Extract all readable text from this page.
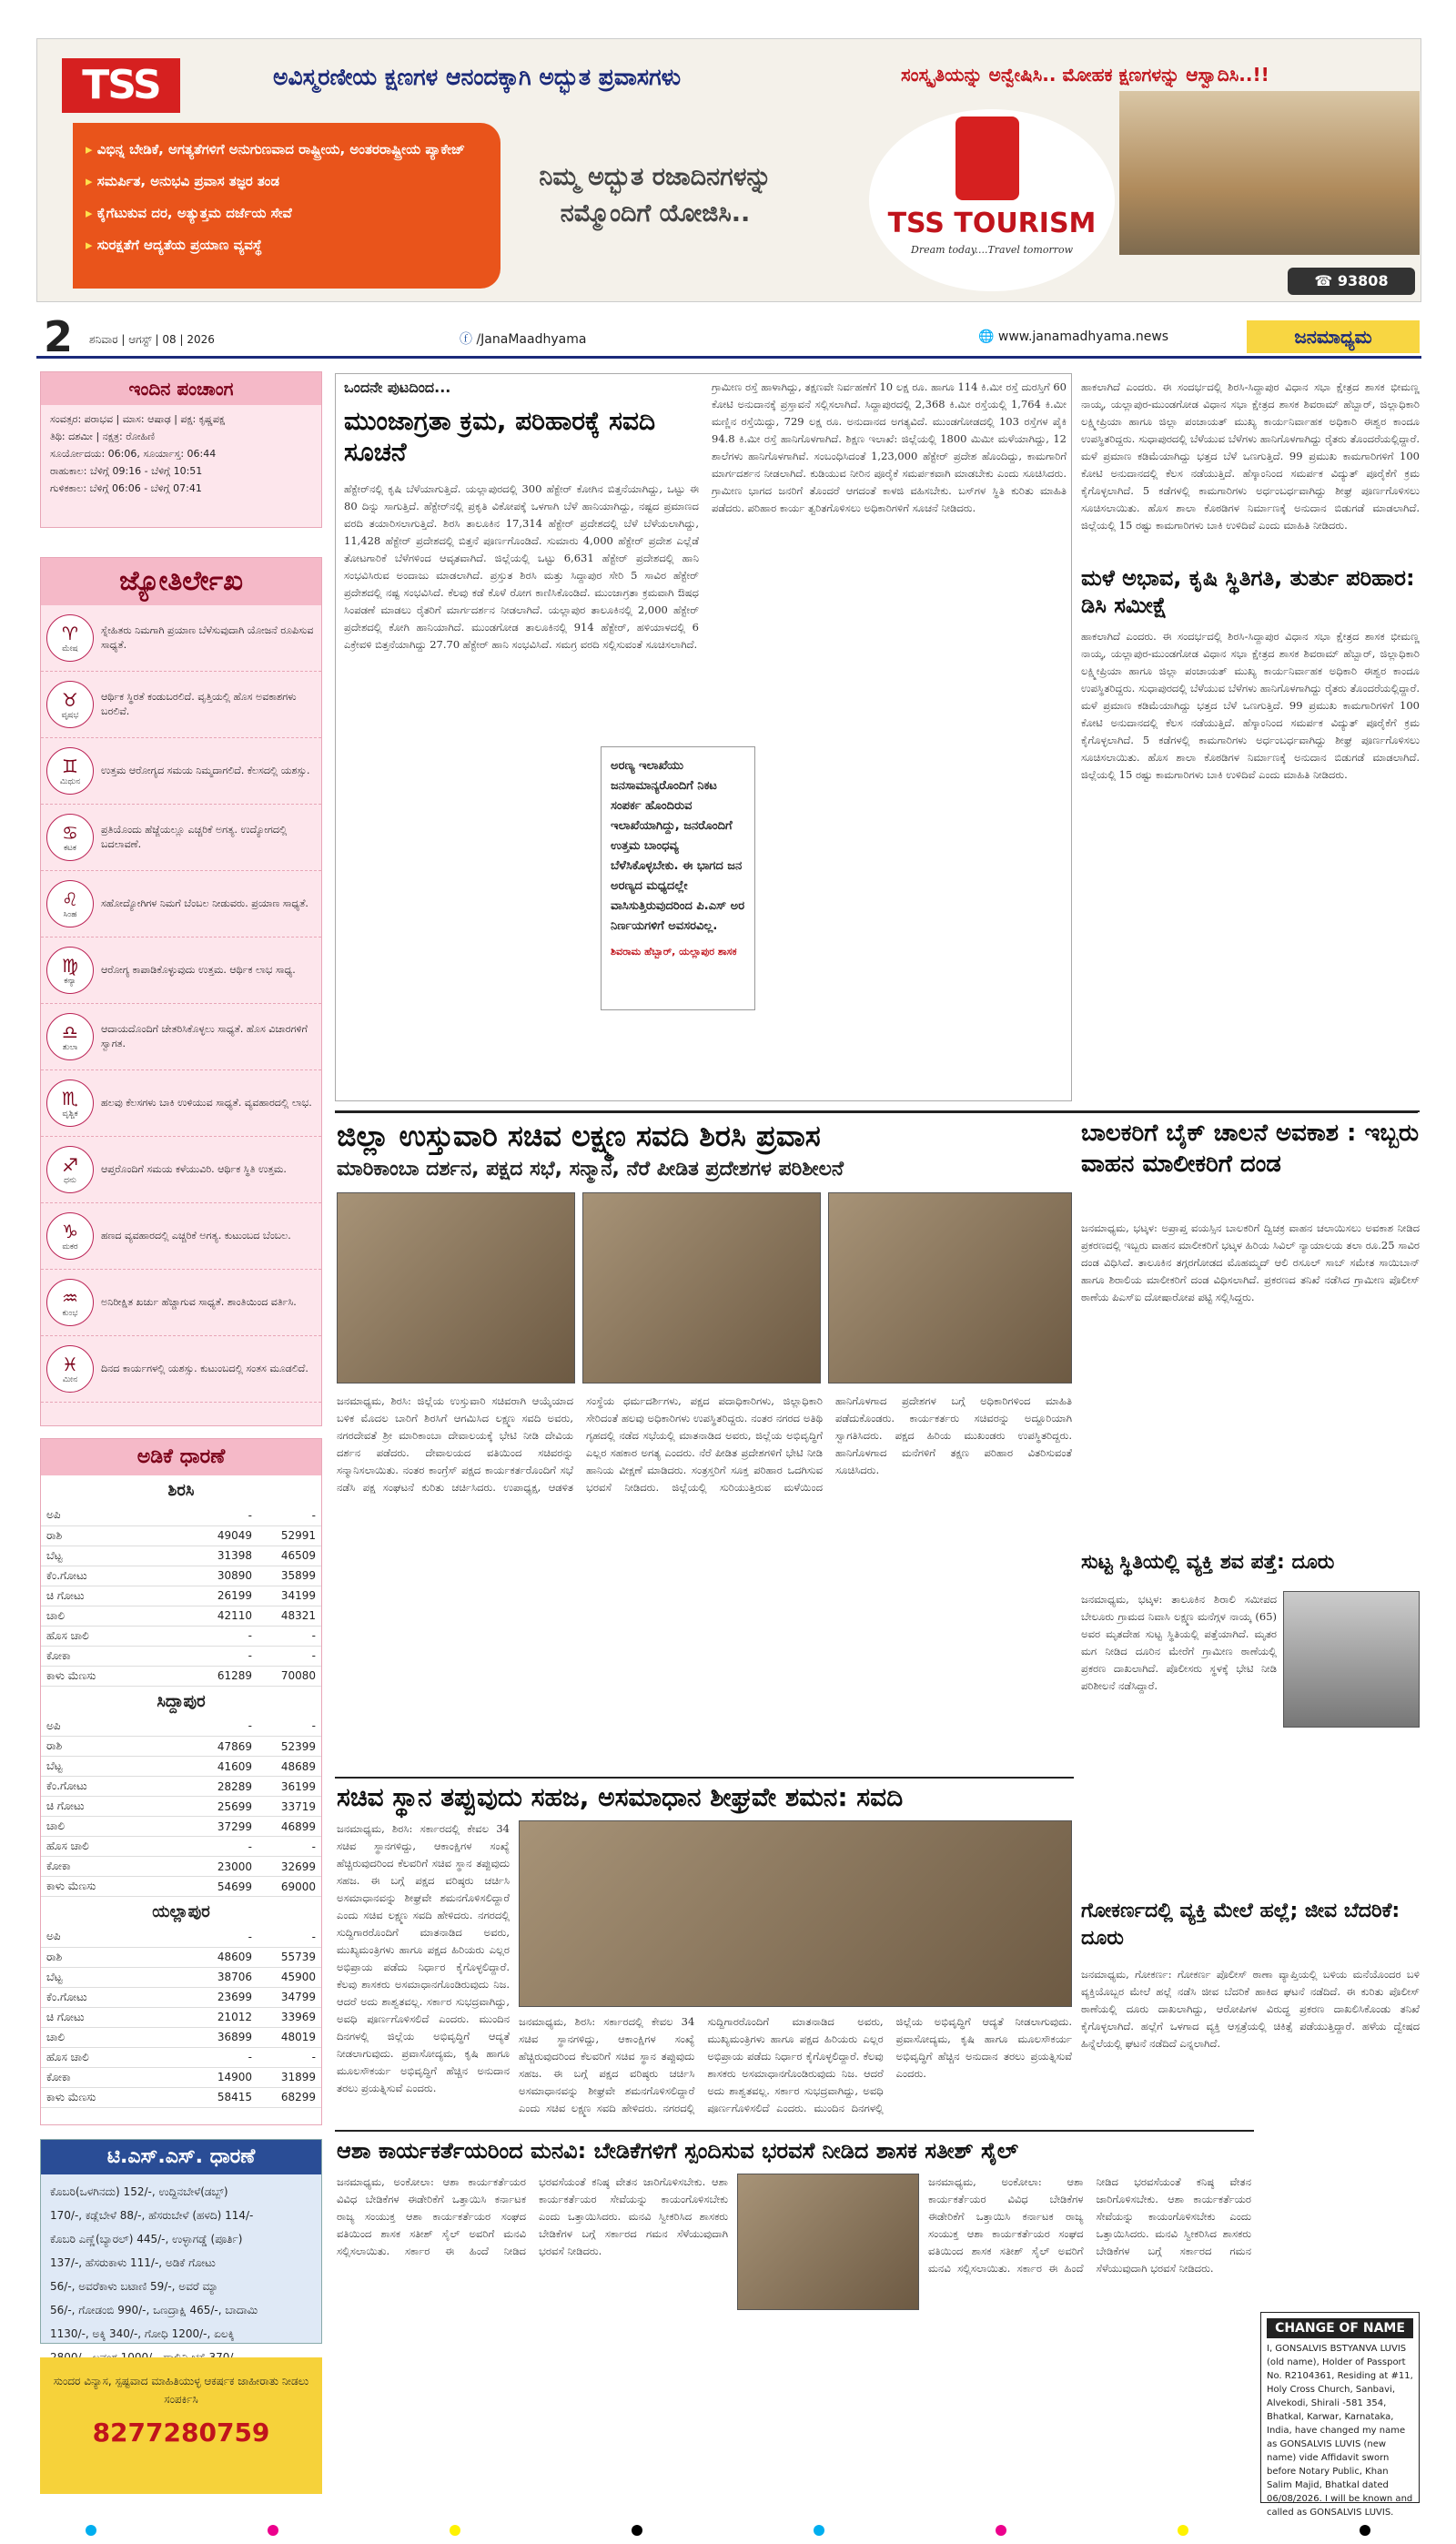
TSS	ಅವಿಸ್ಮರಣೀಯ ಕ್ಷಣಗಳ ಆನಂದಕ್ಕಾಗಿ ಅದ್ಭುತ ಪ್ರವಾಸಗಳು	ಸಂಸ್ಕೃತಿಯನ್ನು ಅನ್ವೇಷಿಸಿ.. ಮೋಹಕ ಕ್ಷಣಗಳನ್ನು ಆಸ್ವಾದಿಸಿ..!!
▸ ವಿಭಿನ್ನ ಬೇಡಿಕೆ, ಅಗತ್ಯತೆಗಳಿಗೆ ಅನುಗುಣವಾದ ರಾಷ್ಟ್ರೀಯ, ಅಂತರರಾಷ್ಟ್ರೀಯ ಪ್ಯಾಕೇಜ್
▸ ಸಮರ್ಪಿತ, ಅನುಭವಿ ಪ್ರವಾಸ ತಜ್ಞರ ತಂಡ
▸ ಕೈಗೆಟುಕುವ ದರ, ಅತ್ಯುತ್ತಮ ದರ್ಜೆಯ ಸೇವೆ
▸ ಸುರಕ್ಷತೆಗೆ ಆದ್ಯತೆಯ ಪ್ರಯಾಣ ವ್ಯವಸ್ಥೆ
ನಿಮ್ಮ ಅದ್ಭುತ ರಜಾದಿನಗಳನ್ನು
ನಮ್ಮೊಂದಿಗೆ ಯೋಜಿಸಿ..	TSS TOURISM
Dream today....Travel tomorrow
☎ 93808 32969
2 ಶನಿವಾರ | ಆಗಸ್ಟ್ | 08 | 2026	ⓕ /JanaMaadhyama	🌐 www.janamadhyama.news	ಜನಮಾಧ್ಯಮ
ಇಂದಿನ ಪಂಚಾಂಗ
ಸಂವತ್ಸರ: ಪರಾಭವ | ಮಾಸ: ಆಷಾಢ | ಪಕ್ಷ: ಕೃಷ್ಣಪಕ್ಷ
ತಿಥಿ: ದಶಮೀ | ನಕ್ಷತ್ರ: ರೋಹಿಣಿ
ಸೂರ್ಯೋದಯ: 06:06, ಸೂರ್ಯಾಸ್ತ: 06:44
ರಾಹುಕಾಲ: ಬೆಳಿಗ್ಗೆ 09:16 - ಬೆಳಿಗ್ಗೆ 10:51
ಗುಳಿಕಕಾಲ: ಬೆಳಿಗ್ಗೆ 06:06 - ಬೆಳಿಗ್ಗೆ 07:41
ಜ್ಯೋತಿರ್ಲೇಖ
♈
ಮೇಷ
ಸ್ನೇಹಿತರು ನಿಮಗಾಗಿ ಪ್ರಯಾಣ ಬೆಳೆಸುವುದಾಗಿ ಯೋಜನೆ ರೂಪಿಸುವ ಸಾಧ್ಯತೆ.
♉
ವೃಷಭ
ಆರ್ಥಿಕ ಸ್ಥಿರತೆ ಕಂಡುಬರಲಿದೆ. ವೃತ್ತಿಯಲ್ಲಿ ಹೊಸ ಅವಕಾಶಗಳು ಬರಲಿವೆ.
♊
ಮಿಥುನ
ಉತ್ತಮ ಆರೋಗ್ಯದ ಸಮಯ ನಿಮ್ಮದಾಗಲಿದೆ. ಕೆಲಸದಲ್ಲಿ ಯಶಸ್ಸು.
♋
ಕಟಕ
ಪ್ರತಿಯೊಂದು ಹೆಜ್ಜೆಯಲ್ಲೂ ಎಚ್ಚರಿಕೆ ಅಗತ್ಯ. ಉದ್ಯೋಗದಲ್ಲಿ ಬದಲಾವಣೆ.
♌
ಸಿಂಹ
ಸಹೋದ್ಯೋಗಿಗಳ ನಿಮಗೆ ಬೆಂಬಲ ನೀಡುವರು. ಪ್ರಯಾಣ ಸಾಧ್ಯತೆ.
♍
ಕನ್ಯಾ
ಆರೋಗ್ಯ ಕಾಪಾಡಿಕೊಳ್ಳುವುದು ಉತ್ತಮ. ಆರ್ಥಿಕ ಲಾಭ ಸಾಧ್ಯ.
♎
ತುಲಾ
ಆದಾಯದೊಂದಿಗೆ ಚೇತರಿಸಿಕೊಳ್ಳಲು ಸಾಧ್ಯತೆ. ಹೊಸ ವಿಚಾರಗಳಿಗೆ ಸ್ವಾಗತ.
♏
ವೃಶ್ಚಿಕ
ಹಲವು ಕೆಲಸಗಳು ಬಾಕಿ ಉಳಿಯುವ ಸಾಧ್ಯತೆ. ವ್ಯವಹಾರದಲ್ಲಿ ಲಾಭ.
♐
ಧನು
ಆಪ್ತರೊಂದಿಗೆ ಸಮಯ ಕಳೆಯುವಿರಿ. ಆರ್ಥಿಕ ಸ್ಥಿತಿ ಉತ್ತಮ.
♑
ಮಕರ
ಹಣದ ವ್ಯವಹಾರದಲ್ಲಿ ಎಚ್ಚರಿಕೆ ಅಗತ್ಯ. ಕುಟುಂಬದ ಬೆಂಬಲ.
♒
ಕುಂಭ
ಅನಿರೀಕ್ಷಿತ ಖರ್ಚು ಹೆಚ್ಚಾಗುವ ಸಾಧ್ಯತೆ. ಶಾಂತಿಯಿಂದ ವರ್ತಿಸಿ.
♓
ಮೀನ
ದಿನದ ಕಾರ್ಯಗಳಲ್ಲಿ ಯಶಸ್ಸು. ಕುಟುಂಬದಲ್ಲಿ ಸಂತಸ ಮೂಡಲಿದೆ.
ಅಡಿಕೆ ಧಾರಣೆ
ಶಿರಸಿ
ಅಪಿ	-	-
ರಾಶಿ	49049	52991
ಬೆಟ್ಟ	31398	46509
ಕೆಂ.ಗೋಟು	30890	35899
ಚಿ ಗೋಟು	26199	34199
ಚಾಲಿ	42110	48321
ಹೊಸ ಚಾಲಿ	-	-
ಕೋಕಾ	-	-
ಕಾಳು ಮೆಣಸು	61289	70080
ಸಿದ್ದಾಪುರ
ಅಪಿ	-	-
ರಾಶಿ	47869	52399
ಬೆಟ್ಟ	41609	48689
ಕೆಂ.ಗೋಟು	28289	36199
ಚಿ ಗೋಟು	25699	33719
ಚಾಲಿ	37299	46899
ಹೊಸ ಚಾಲಿ	-	-
ಕೋಕಾ	23000	32699
ಕಾಳು ಮೆಣಸು	54699	69000
ಯಲ್ಲಾಪುರ
ಅಪಿ	-	-
ರಾಶಿ	48609	55739
ಬೆಟ್ಟ	38706	45900
ಕೆಂ.ಗೋಟು	23699	34799
ಚಿ ಗೋಟು	21012	33969
ಚಾಲಿ	36899	48019
ಹೊಸ ಚಾಲಿ	-	-
ಕೋಕಾ	14900	31899
ಕಾಳು ಮೆಣಸು	58415	68299
ಟಿ.ಎಸ್.ಎಸ್. ಧಾರಣೆ
ಕೊಬರಿ(ಒಳಗಿನದು) 152/-, ಉದ್ದಿನಬೇಳೆ(ಡಬ್ಬ್)
170/-, ಕಡ್ಲೆಬೇಳೆ 88/-, ಹೆಸರುಬೇಳೆ (ಹಳದಿ) 114/-
ಕೊಬರಿ ಎಣ್ಣೆ(ಬ್ಯಾರಲ್) 445/-, ಉಳ್ಳಾಗಡ್ಡೆ (ಪೂರ್ತಿ)
137/-, ಹೆಸರುಕಾಳು 111/-, ಅಡಿಕೆ ಗೋಟು
56/-, ಅವರೆಕಾಳು ಬಟಾಣಿ 59/-, ಅವರೆ ಮ್ಯಾ
56/-, ಗೋಡಂಬಿ 990/-, ಒಣದ್ರಾಕ್ಷಿ 465/-, ಬಾದಾಮಿ
1130/-, ಅಕ್ಕಿ 340/-, ಗೋಧಿ 1200/-, ಏಲಕ್ಕಿ
ಸುಂದರ ವಿನ್ಯಾಸ, ಸ್ಪಷ್ಟವಾದ ಮಾಹಿತಿಯುಳ್ಳ ಆಕರ್ಷಕ ಜಾಹೀರಾತು ನೀಡಲು ಸಂಪರ್ಕಿಸಿ
8277280759
ಒಂದನೇ ಪುಟದಿಂದ...
ಮುಂಜಾಗ್ರತಾ ಕ್ರಮ, ಪರಿಹಾರಕ್ಕೆ ಸವದಿ ಸೂಚನೆ
ಹೆಕ್ಟೇರ್‌ನಲ್ಲಿ ಕೃಷಿ ಬೆಳೆಯಾಗುತ್ತಿದೆ. ಯಲ್ಲಾಪುರದಲ್ಲಿ 300 ಹೆಕ್ಟೇರ್ ಕೋಗಿನ ಬಿತ್ತನೆಯಾಗಿದ್ದು, ಒಟ್ಟು ಈ 80 ದಿನ್ನು ಸಾಗುತ್ತಿದೆ. ಹೆಕ್ಟೇರ್‌ನಲ್ಲಿ ಪ್ರಕೃತಿ ವಿಕೋಪಕ್ಕೆ ಒಳಗಾಗಿ ಬೆಳೆ ಹಾನಿಯಾಗಿದ್ದು, ನಷ್ಟದ ಪ್ರಮಾಣದ ವರದಿ ತಯಾರಿಸಲಾಗುತ್ತಿದೆ. ಶಿರಸಿ ತಾಲೂಕಿನ 17,314 ಹೆಕ್ಟೇರ್ ಪ್ರದೇಶದಲ್ಲಿ ಬೆಳೆ ಬೆಳೆಯಲಾಗಿದ್ದು, 11,428 ಹೆಕ್ಟೇರ್ ಪ್ರದೇಶದಲ್ಲಿ ಬಿತ್ತನೆ ಪೂರ್ಣಗೊಂಡಿದೆ. ಸುಮಾರು 4,000 ಹೆಕ್ಟೇರ್ ಪ್ರದೇಶ ಎಲ್ಲೆಡೆ ತೋಟಗಾರಿಕೆ ಬೆಳೆಗಳಿಂದ ಆವೃತವಾಗಿದೆ. ಜಿಲ್ಲೆಯಲ್ಲಿ ಒಟ್ಟು 6,631 ಹೆಕ್ಟೇರ್ ಪ್ರದೇಶದಲ್ಲಿ ಹಾನಿ ಸಂಭವಿಸಿರುವ ಅಂದಾಜು ಮಾಡಲಾಗಿದೆ. ಪ್ರಸ್ತುತ ಶಿರಸಿ ಮತ್ತು ಸಿದ್ದಾಪುರ ಸೇರಿ 5 ಸಾವಿರ ಹೆಕ್ಟೇರ್ ಪ್ರದೇಶದಲ್ಲಿ ನಷ್ಟ ಸಂಭವಿಸಿದೆ. ಕೆಲವು ಕಡೆ ಕೊಳೆ ರೋಗ ಕಾಣಿಸಿಕೊಂಡಿದೆ. ಮುಂಜಾಗ್ರತಾ ಕ್ರಮವಾಗಿ ಔಷಧ ಸಿಂಪಡಣೆ ಮಾಡಲು ರೈತರಿಗೆ ಮಾರ್ಗದರ್ಶನ ನೀಡಲಾಗಿದೆ. ಯಲ್ಲಾಪುರ ತಾಲೂಕಿನಲ್ಲಿ 2,000 ಹೆಕ್ಟೇರ್ ಪ್ರದೇಶದಲ್ಲಿ ಕೋಗಿ ಹಾನಿಯಾಗಿದೆ. ಮುಂಡಗೋಡ ತಾಲೂಕಿನಲ್ಲಿ 914 ಹೆಕ್ಟೇರ್, ಹಳಿಯಾಳದಲ್ಲಿ 6 ಎಕ್ರೇವಳಿ ಬಿತ್ತನೆಯಾಗಿದ್ದು 27.70 ಹೆಕ್ಟೇರ್ ಹಾನಿ ಸಂಭವಿಸಿದೆ. ಸಮಗ್ರ ವರದಿ ಸಲ್ಲಿಸುವಂತೆ ಸೂಚಿಸಲಾಗಿದೆ.
ಅರಣ್ಯ ಇಲಾಖೆಯು ಜನಸಾಮಾನ್ಯರೊಂದಿಗೆ ನಿಕಟ ಸಂಪರ್ಕ ಹೊಂದಿರುವ ಇಲಾಖೆಯಾಗಿದ್ದು, ಜನರೊಂದಿಗೆ ಉತ್ತಮ ಬಾಂಧವ್ಯ ಬೆಳೆಸಿಕೊಳ್ಳಬೇಕು. ಈ ಭಾಗದ ಜನ ಅರಣ್ಯದ ಮಧ್ಯದಲ್ಲೇ ವಾಸಿಸುತ್ತಿರುವುದರಿಂದ ಪಿ.ಎಸ್ ಅರ ನಿರ್ಣಯಗಳಿಗೆ ಅವಸರವಿಲ್ಲ.
ಶಿವರಾಮ ಹೆಬ್ಬಾರ್, ಯಲ್ಲಾಪುರ ಶಾಸಕ
ಗ್ರಾಮೀಣ ರಸ್ತೆ ಹಾಳಾಗಿದ್ದು, ತಕ್ಷಣವೇ ನಿರ್ವಹಣೆಗೆ 10 ಲಕ್ಷ ರೂ. ಹಾಗೂ 114 ಕಿ.ಮೀ ರಸ್ತೆ ದುರಸ್ತಿಗೆ 60 ಕೋಟಿ ಅನುದಾನಕ್ಕೆ ಪ್ರಸ್ತಾವನೆ ಸಲ್ಲಿಸಲಾಗಿದೆ. ಸಿದ್ದಾಪುರದಲ್ಲಿ 2,368 ಕಿ.ಮೀ ರಸ್ತೆಯಲ್ಲಿ 1,764 ಕಿ.ಮೀ ಮಣ್ಣಿನ ರಸ್ತೆಯಿದ್ದು, 729 ಲಕ್ಷ ರೂ. ಅನುದಾನದ ಅಗತ್ಯವಿದೆ. ಮುಂಡಗೋಡದಲ್ಲಿ 103 ರಸ್ತೆಗಳ ಪೈಕಿ 94.8 ಕಿ.ಮೀ ರಸ್ತೆ ಹಾನಿಗೊಳಗಾಗಿದೆ. ಶಿಕ್ಷಣ ಇಲಾಖೆ: ಜಿಲ್ಲೆಯಲ್ಲಿ 1800 ಮಿಮೀ ಮಳೆಯಾಗಿದ್ದು, 12 ಶಾಲೆಗಳು ಹಾನಿಗೊಳಗಾಗಿವೆ. ಸಂಬಂಧಿಸಿದಂತೆ 1,23,000 ಹೆಕ್ಟೇರ್ ಪ್ರದೇಶ ಹೊಂದಿದ್ದು, ಕಾಮಗಾರಿಗೆ ಮಾರ್ಗದರ್ಶನ ನೀಡಲಾಗಿದೆ. ಕುಡಿಯುವ ನೀರಿನ ಪೂರೈಕೆ ಸಮರ್ಪಕವಾಗಿ ಮಾಡಬೇಕು ಎಂದು ಸೂಚಿಸಿದರು. ಗ್ರಾಮೀಣ ಭಾಗದ ಜನರಿಗೆ ತೊಂದರೆ ಆಗದಂತೆ ಕಾಳಜಿ ವಹಿಸಬೇಕು. ಬಸ್‌ಗಳ ಸ್ಥಿತಿ ಕುರಿತು ಮಾಹಿತಿ ಪಡೆದರು. ಪರಿಹಾರ ಕಾರ್ಯ ತ್ವರಿತಗೊಳಿಸಲು ಅಧಿಕಾರಿಗಳಿಗೆ ಸೂಚನೆ ನೀಡಿದರು.
ಹಾಕಲಾಗಿದೆ ಎಂದರು. ಈ ಸಂದರ್ಭದಲ್ಲಿ ಶಿರಸಿ-ಸಿದ್ದಾಪುರ ವಿಧಾನ ಸಭಾ ಕ್ಷೇತ್ರದ ಶಾಸಕ ಭೀಮಣ್ಣ ನಾಯ್ಕ, ಯಲ್ಲಾಪುರ-ಮುಂಡಗೋಡ ವಿಧಾನ ಸಭಾ ಕ್ಷೇತ್ರದ ಶಾಸಕ ಶಿವರಾಮ್ ಹೆಬ್ಬಾರ್, ಜಿಲ್ಲಾಧಿಕಾರಿ ಲಕ್ಷ್ಮೀಪ್ರಿಯಾ ಹಾಗೂ ಜಿಲ್ಲಾ ಪಂಚಾಯತ್ ಮುಖ್ಯ ಕಾರ್ಯನಿರ್ವಾಹಕ ಅಧಿಕಾರಿ ಈಶ್ವರ ಕಾಂದೂ ಉಪಸ್ಥಿತರಿದ್ದರು. ಸುಧಾಪುರದಲ್ಲಿ ಬೆಳೆಯುವ ಬೆಳೆಗಳು ಹಾನಿಗೊಳಗಾಗಿದ್ದು ರೈತರು ತೊಂದರೆಯಲ್ಲಿದ್ದಾರೆ. ಮಳೆ ಪ್ರಮಾಣ ಕಡಿಮೆಯಾಗಿದ್ದು ಭತ್ತದ ಬೆಳೆ ಒಣಗುತ್ತಿದೆ. 99 ಪ್ರಮುಖ ಕಾಮಗಾರಿಗಳಿಗೆ 100 ಕೋಟಿ ಅನುದಾನದಲ್ಲಿ ಕೆಲಸ ನಡೆಯುತ್ತಿದೆ. ಹೆಸ್ಕಾಂನಿಂದ ಸಮರ್ಪಕ ವಿದ್ಯುತ್ ಪೂರೈಕೆಗೆ ಕ್ರಮ ಕೈಗೊಳ್ಳಲಾಗಿದೆ. 5 ಕಡೆಗಳಲ್ಲಿ ಕಾಮಗಾರಿಗಳು ಅರ್ಧಂಬರ್ಧವಾಗಿದ್ದು ಶೀಘ್ರ ಪೂರ್ಣಗೊಳಿಸಲು ಸೂಚಿಸಲಾಯಿತು. ಹೊಸ ಶಾಲಾ ಕೊಠಡಿಗಳ ನಿರ್ಮಾಣಕ್ಕೆ ಅನುದಾನ ಬಿಡುಗಡೆ ಮಾಡಲಾಗಿದೆ. ಜಿಲ್ಲೆಯಲ್ಲಿ 15 ರಷ್ಟು ಕಾಮಗಾರಿಗಳು ಬಾಕಿ ಉಳಿದಿವೆ ಎಂದು ಮಾಹಿತಿ ನೀಡಿದರು.
ಮಳೆ ಅಭಾವ, ಕೃಷಿ ಸ್ಥಿತಿಗತಿ, ತುರ್ತು ಪರಿಹಾರ: ಡಿಸಿ ಸಮೀಕ್ಷೆ
ಹಾಕಲಾಗಿದೆ ಎಂದರು. ಈ ಸಂದರ್ಭದಲ್ಲಿ ಶಿರಸಿ-ಸಿದ್ದಾಪುರ ವಿಧಾನ ಸಭಾ ಕ್ಷೇತ್ರದ ಶಾಸಕ ಭೀಮಣ್ಣ ನಾಯ್ಕ, ಯಲ್ಲಾಪುರ-ಮುಂಡಗೋಡ ವಿಧಾನ ಸಭಾ ಕ್ಷೇತ್ರದ ಶಾಸಕ ಶಿವರಾಮ್ ಹೆಬ್ಬಾರ್, ಜಿಲ್ಲಾಧಿಕಾರಿ ಲಕ್ಷ್ಮೀಪ್ರಿಯಾ ಹಾಗೂ ಜಿಲ್ಲಾ ಪಂಚಾಯತ್ ಮುಖ್ಯ ಕಾರ್ಯನಿರ್ವಾಹಕ ಅಧಿಕಾರಿ ಈಶ್ವರ ಕಾಂದೂ ಉಪಸ್ಥಿತರಿದ್ದರು. ಸುಧಾಪುರದಲ್ಲಿ ಬೆಳೆಯುವ ಬೆಳೆಗಳು ಹಾನಿಗೊಳಗಾಗಿದ್ದು ರೈತರು ತೊಂದರೆಯಲ್ಲಿದ್ದಾರೆ. ಮಳೆ ಪ್ರಮಾಣ ಕಡಿಮೆಯಾಗಿದ್ದು ಭತ್ತದ ಬೆಳೆ ಒಣಗುತ್ತಿದೆ. 99 ಪ್ರಮುಖ ಕಾಮಗಾರಿಗಳಿಗೆ 100 ಕೋಟಿ ಅನುದಾನದಲ್ಲಿ ಕೆಲಸ ನಡೆಯುತ್ತಿದೆ. ಹೆಸ್ಕಾಂನಿಂದ ಸಮರ್ಪಕ ವಿದ್ಯುತ್ ಪೂರೈಕೆಗೆ ಕ್ರಮ ಕೈಗೊಳ್ಳಲಾಗಿದೆ. 5 ಕಡೆಗಳಲ್ಲಿ ಕಾಮಗಾರಿಗಳು ಅರ್ಧಂಬರ್ಧವಾಗಿದ್ದು ಶೀಘ್ರ ಪೂರ್ಣಗೊಳಿಸಲು ಸೂಚಿಸಲಾಯಿತು. ಹೊಸ ಶಾಲಾ ಕೊಠಡಿಗಳ ನಿರ್ಮಾಣಕ್ಕೆ ಅನುದಾನ ಬಿಡುಗಡೆ ಮಾಡಲಾಗಿದೆ. ಜಿಲ್ಲೆಯಲ್ಲಿ 15 ರಷ್ಟು ಕಾಮಗಾರಿಗಳು ಬಾಕಿ ಉಳಿದಿವೆ ಎಂದು ಮಾಹಿತಿ ನೀಡಿದರು.
ಜಿಲ್ಲಾ ಉಸ್ತುವಾರಿ ಸಚಿವ ಲಕ್ಷ್ಮಣ ಸವದಿ ಶಿರಸಿ ಪ್ರವಾಸ
ಮಾರಿಕಾಂಬಾ ದರ್ಶನ, ಪಕ್ಷದ ಸಭೆ, ಸನ್ಮಾನ, ನೆರೆ ಪೀಡಿತ ಪ್ರದೇಶಗಳ ಪರಿಶೀಲನೆ
ಜನಮಾಧ್ಯಮ, ಶಿರಸಿ: ಜಿಲ್ಲೆಯ ಉಸ್ತುವಾರಿ ಸಚಿವರಾಗಿ ಆಯ್ಕೆಯಾದ ಬಳಿಕ ಮೊದಲ ಬಾರಿಗೆ ಶಿರಸಿಗೆ ಆಗಮಿಸಿದ ಲಕ್ಷ್ಮಣ ಸವದಿ ಅವರು, ನಗರದೇವತೆ ಶ್ರೀ ಮಾರಿಕಾಂಬಾ ದೇವಾಲಯಕ್ಕೆ ಭೇಟಿ ನೀಡಿ ದೇವಿಯ ದರ್ಶನ ಪಡೆದರು. ದೇವಾಲಯದ ವತಿಯಿಂದ ಸಚಿವರನ್ನು ಸನ್ಮಾನಿಸಲಾಯಿತು. ನಂತರ ಕಾಂಗ್ರೆಸ್ ಪಕ್ಷದ ಕಾರ್ಯಕರ್ತರೊಂದಿಗೆ ಸಭೆ ನಡೆಸಿ ಪಕ್ಷ ಸಂಘಟನೆ ಕುರಿತು ಚರ್ಚಿಸಿದರು. ಉಪಾಧ್ಯಕ್ಷ, ಆಡಳಿತ ಸಂಸ್ಥೆಯ ಧರ್ಮದರ್ಶಿಗಳು, ಪಕ್ಷದ ಪದಾಧಿಕಾರಿಗಳು, ಜಿಲ್ಲಾಧಿಕಾರಿ ಸೇರಿದಂತೆ ಹಲವು ಅಧಿಕಾರಿಗಳು ಉಪಸ್ಥಿತರಿದ್ದರು. ನಂತರ ನಗರದ ಅತಿಥಿ ಗೃಹದಲ್ಲಿ ನಡೆದ ಸಭೆಯಲ್ಲಿ ಮಾತನಾಡಿದ ಅವರು, ಜಿಲ್ಲೆಯ ಅಭಿವೃದ್ಧಿಗೆ ಎಲ್ಲರ ಸಹಕಾರ ಅಗತ್ಯ ಎಂದರು. ನೆರೆ ಪೀಡಿತ ಪ್ರದೇಶಗಳಿಗೆ ಭೇಟಿ ನೀಡಿ ಹಾನಿಯ ವೀಕ್ಷಣೆ ಮಾಡಿದರು. ಸಂತ್ರಸ್ತರಿಗೆ ಸೂಕ್ತ ಪರಿಹಾರ ಒದಗಿಸುವ ಭರವಸೆ ನೀಡಿದರು. ಜಿಲ್ಲೆಯಲ್ಲಿ ಸುರಿಯುತ್ತಿರುವ ಮಳೆಯಿಂದ ಹಾನಿಗೊಳಗಾದ ಪ್ರದೇಶಗಳ ಬಗ್ಗೆ ಅಧಿಕಾರಿಗಳಿಂದ ಮಾಹಿತಿ ಪಡೆದುಕೊಂಡರು. ಕಾರ್ಯಕರ್ತರು ಸಚಿವರನ್ನು ಅದ್ದೂರಿಯಾಗಿ ಸ್ವಾಗತಿಸಿದರು. ಪಕ್ಷದ ಹಿರಿಯ ಮುಖಂಡರು ಉಪಸ್ಥಿತರಿದ್ದರು. ಹಾನಿಗೊಳಗಾದ ಮನೆಗಳಿಗೆ ತಕ್ಷಣ ಪರಿಹಾರ ವಿತರಿಸುವಂತೆ ಸೂಚಿಸಿದರು.
ಸಚಿವ ಸ್ಥಾನ ತಪ್ಪುವುದು ಸಹಜ, ಅಸಮಾಧಾನ ಶೀಘ್ರವೇ ಶಮನ: ಸವದಿ
ಜನಮಾಧ್ಯಮ, ಶಿರಸಿ: ಸರ್ಕಾರದಲ್ಲಿ ಕೇವಲ 34 ಸಚಿವ ಸ್ಥಾನಗಳಿದ್ದು, ಆಕಾಂಕ್ಷಿಗಳ ಸಂಖ್ಯೆ ಹೆಚ್ಚಿರುವುದರಿಂದ ಕೆಲವರಿಗೆ ಸಚಿವ ಸ್ಥಾನ ತಪ್ಪುವುದು ಸಹಜ. ಈ ಬಗ್ಗೆ ಪಕ್ಷದ ವರಿಷ್ಠರು ಚರ್ಚಿಸಿ ಅಸಮಾಧಾನವನ್ನು ಶೀಘ್ರವೇ ಶಮನಗೊಳಿಸಲಿದ್ದಾರೆ ಎಂದು ಸಚಿವ ಲಕ್ಷ್ಮಣ ಸವದಿ ಹೇಳಿದರು. ನಗರದಲ್ಲಿ ಸುದ್ದಿಗಾರರೊಂದಿಗೆ ಮಾತನಾಡಿದ ಅವರು, ಮುಖ್ಯಮಂತ್ರಿಗಳು ಹಾಗೂ ಪಕ್ಷದ ಹಿರಿಯರು ಎಲ್ಲರ ಅಭಿಪ್ರಾಯ ಪಡೆದು ನಿರ್ಧಾರ ಕೈಗೊಳ್ಳಲಿದ್ದಾರೆ. ಕೆಲವು ಶಾಸಕರು ಅಸಮಾಧಾನಗೊಂಡಿರುವುದು ನಿಜ. ಆದರೆ ಅದು ಶಾಶ್ವತವಲ್ಲ. ಸರ್ಕಾರ ಸುಭದ್ರವಾಗಿದ್ದು, ಅವಧಿ ಪೂರ್ಣಗೊಳಿಸಲಿದೆ ಎಂದರು. ಮುಂದಿನ ದಿನಗಳಲ್ಲಿ ಜಿಲ್ಲೆಯ ಅಭಿವೃದ್ಧಿಗೆ ಆದ್ಯತೆ ನೀಡಲಾಗುವುದು. ಪ್ರವಾಸೋದ್ಯಮ, ಕೃಷಿ ಹಾಗೂ ಮೂಲಸೌಕರ್ಯ ಅಭಿವೃದ್ಧಿಗೆ ಹೆಚ್ಚಿನ ಅನುದಾನ ತರಲು ಪ್ರಯತ್ನಿಸುವೆ ಎಂದರು.
ಜನಮಾಧ್ಯಮ, ಶಿರಸಿ: ಸರ್ಕಾರದಲ್ಲಿ ಕೇವಲ 34 ಸಚಿವ ಸ್ಥಾನಗಳಿದ್ದು, ಆಕಾಂಕ್ಷಿಗಳ ಸಂಖ್ಯೆ ಹೆಚ್ಚಿರುವುದರಿಂದ ಕೆಲವರಿಗೆ ಸಚಿವ ಸ್ಥಾನ ತಪ್ಪುವುದು ಸಹಜ. ಈ ಬಗ್ಗೆ ಪಕ್ಷದ ವರಿಷ್ಠರು ಚರ್ಚಿಸಿ ಅಸಮಾಧಾನವನ್ನು ಶೀಘ್ರವೇ ಶಮನಗೊಳಿಸಲಿದ್ದಾರೆ ಎಂದು ಸಚಿವ ಲಕ್ಷ್ಮಣ ಸವದಿ ಹೇಳಿದರು. ನಗರದಲ್ಲಿ ಸುದ್ದಿಗಾರರೊಂದಿಗೆ ಮಾತನಾಡಿದ ಅವರು, ಮುಖ್ಯಮಂತ್ರಿಗಳು ಹಾಗೂ ಪಕ್ಷದ ಹಿರಿಯರು ಎಲ್ಲರ ಅಭಿಪ್ರಾಯ ಪಡೆದು ನಿರ್ಧಾರ ಕೈಗೊಳ್ಳಲಿದ್ದಾರೆ. ಕೆಲವು ಶಾಸಕರು ಅಸಮಾಧಾನಗೊಂಡಿರುವುದು ನಿಜ. ಆದರೆ ಅದು ಶಾಶ್ವತವಲ್ಲ. ಸರ್ಕಾರ ಸುಭದ್ರವಾಗಿದ್ದು, ಅವಧಿ ಪೂರ್ಣಗೊಳಿಸಲಿದೆ ಎಂದರು. ಮುಂದಿನ ದಿನಗಳಲ್ಲಿ ಜಿಲ್ಲೆಯ ಅಭಿವೃದ್ಧಿಗೆ ಆದ್ಯತೆ ನೀಡಲಾಗುವುದು. ಪ್ರವಾಸೋದ್ಯಮ, ಕೃಷಿ ಹಾಗೂ ಮೂಲಸೌಕರ್ಯ ಅಭಿವೃದ್ಧಿಗೆ ಹೆಚ್ಚಿನ ಅನುದಾನ ತರಲು ಪ್ರಯತ್ನಿಸುವೆ ಎಂದರು.
ಆಶಾ ಕಾರ್ಯಕರ್ತೆಯರಿಂದ ಮನವಿ: ಬೇಡಿಕೆಗಳಿಗೆ ಸ್ಪಂದಿಸುವ ಭರವಸೆ ನೀಡಿದ ಶಾಸಕ ಸತೀಶ್ ಸೈಲ್
ಜನಮಾಧ್ಯಮ, ಅಂಕೋಲಾ: ಆಶಾ ಕಾರ್ಯಕರ್ತೆಯರ ವಿವಿಧ ಬೇಡಿಕೆಗಳ ಈಡೇರಿಕೆಗೆ ಒತ್ತಾಯಿಸಿ ಕರ್ನಾಟಕ ರಾಜ್ಯ ಸಂಯುಕ್ತ ಆಶಾ ಕಾರ್ಯಕರ್ತೆಯರ ಸಂಘದ ವತಿಯಿಂದ ಶಾಸಕ ಸತೀಶ್ ಸೈಲ್ ಅವರಿಗೆ ಮನವಿ ಸಲ್ಲಿಸಲಾಯಿತು. ಸರ್ಕಾರ ಈ ಹಿಂದೆ ನೀಡಿದ ಭರವಸೆಯಂತೆ ಕನಿಷ್ಠ ವೇತನ ಜಾರಿಗೊಳಿಸಬೇಕು. ಆಶಾ ಕಾರ್ಯಕರ್ತೆಯರ ಸೇವೆಯನ್ನು ಕಾಯಂಗೊಳಿಸಬೇಕು ಎಂದು ಒತ್ತಾಯಿಸಿದರು. ಮನವಿ ಸ್ವೀಕರಿಸಿದ ಶಾಸಕರು ಬೇಡಿಕೆಗಳ ಬಗ್ಗೆ ಸರ್ಕಾರದ ಗಮನ ಸೆಳೆಯುವುದಾಗಿ ಭರವಸೆ ನೀಡಿದರು.
ಜನಮಾಧ್ಯಮ, ಅಂಕೋಲಾ: ಆಶಾ ಕಾರ್ಯಕರ್ತೆಯರ ವಿವಿಧ ಬೇಡಿಕೆಗಳ ಈಡೇರಿಕೆಗೆ ಒತ್ತಾಯಿಸಿ ಕರ್ನಾಟಕ ರಾಜ್ಯ ಸಂಯುಕ್ತ ಆಶಾ ಕಾರ್ಯಕರ್ತೆಯರ ಸಂಘದ ವತಿಯಿಂದ ಶಾಸಕ ಸತೀಶ್ ಸೈಲ್ ಅವರಿಗೆ ಮನವಿ ಸಲ್ಲಿಸಲಾಯಿತು. ಸರ್ಕಾರ ಈ ಹಿಂದೆ ನೀಡಿದ ಭರವಸೆಯಂತೆ ಕನಿಷ್ಠ ವೇತನ ಜಾರಿಗೊಳಿಸಬೇಕು. ಆಶಾ ಕಾರ್ಯಕರ್ತೆಯರ ಸೇವೆಯನ್ನು ಕಾಯಂಗೊಳಿಸಬೇಕು ಎಂದು ಒತ್ತಾಯಿಸಿದರು. ಮನವಿ ಸ್ವೀಕರಿಸಿದ ಶಾಸಕರು ಬೇಡಿಕೆಗಳ ಬಗ್ಗೆ ಸರ್ಕಾರದ ಗಮನ ಸೆಳೆಯುವುದಾಗಿ ಭರವಸೆ ನೀಡಿದರು.
ಬಾಲಕರಿಗೆ ಬೈಕ್ ಚಾಲನೆ ಅವಕಾಶ : ಇಬ್ಬರು ವಾಹನ ಮಾಲೀಕರಿಗೆ ದಂಡ
ಜನಮಾಧ್ಯಮ, ಭಟ್ಕಳ: ಅಪ್ರಾಪ್ತ ವಯಸ್ಸಿನ ಬಾಲಕರಿಗೆ ದ್ವಿಚಕ್ರ ವಾಹನ ಚಲಾಯಿಸಲು ಅವಕಾಶ ನೀಡಿದ ಪ್ರಕರಣದಲ್ಲಿ ಇಬ್ಬರು ವಾಹನ ಮಾಲೀಕರಿಗೆ ಭಟ್ಕಳ ಹಿರಿಯ ಸಿವಿಲ್ ನ್ಯಾಯಾಲಯ ತಲಾ ರೂ.25 ಸಾವಿರ ದಂಡ ವಿಧಿಸಿದೆ. ತಾಲೂಕಿನ ತಗ್ಗರಗೋಡದ ಮೊಹಮ್ಮದ್ ಆಲಿ ರಸೂಲ್ ಸಾಬ್ ಸಮೇತ ಸಾಯಿಬಾನ್ ಹಾಗೂ ಶಿರಾಲಿಯ ಮಾಲೀಕರಿಗೆ ದಂಡ ವಿಧಿಸಲಾಗಿದೆ. ಪ್ರಕರಣದ ತನಿಖೆ ನಡೆಸಿದ ಗ್ರಾಮೀಣ ಪೊಲೀಸ್ ಠಾಣೆಯ ಪಿಎಸ್ಐ ದೋಷಾರೋಪ ಪಟ್ಟಿ ಸಲ್ಲಿಸಿದ್ದರು.
ಸುಟ್ಟ ಸ್ಥಿತಿಯಲ್ಲಿ ವ್ಯಕ್ತಿ ಶವ ಪತ್ತೆ: ದೂರು
ಜನಮಾಧ್ಯಮ, ಭಟ್ಕಳ: ತಾಲೂಕಿನ ಶಿರಾಲಿ ಸಮೀಪದ ಬೇಲೂರು ಗ್ರಾಮದ ನಿವಾಸಿ ಲಕ್ಷ್ಮಣ ಮನೆಗ್ಗಳ ನಾಯ್ಕ (65) ಅವರ ಮೃತದೇಹ ಸುಟ್ಟ ಸ್ಥಿತಿಯಲ್ಲಿ ಪತ್ತೆಯಾಗಿದೆ. ಮೃತರ ಮಗ ನೀಡಿದ ದೂರಿನ ಮೇರೆಗೆ ಗ್ರಾಮೀಣ ಠಾಣೆಯಲ್ಲಿ ಪ್ರಕರಣ ದಾಖಲಾಗಿದೆ. ಪೊಲೀಸರು ಸ್ಥಳಕ್ಕೆ ಭೇಟಿ ನೀಡಿ ಪರಿಶೀಲನೆ ನಡೆಸಿದ್ದಾರೆ.
ಗೋಕರ್ಣದಲ್ಲಿ ವ್ಯಕ್ತಿ ಮೇಲೆ ಹಲ್ಲೆ; ಜೀವ ಬೆದರಿಕೆ: ದೂರು
ಜನಮಾಧ್ಯಮ, ಗೋಕರ್ಣ: ಗೋಕರ್ಣ ಪೊಲೀಸ್ ಠಾಣಾ ವ್ಯಾಪ್ತಿಯಲ್ಲಿ ಬಳಿಯ ಮನೆಯೊಂದರ ಬಳಿ ವ್ಯಕ್ತಿಯೊಬ್ಬರ ಮೇಲೆ ಹಲ್ಲೆ ನಡೆಸಿ ಜೀವ ಬೆದರಿಕೆ ಹಾಕಿದ ಘಟನೆ ನಡೆದಿದೆ. ಈ ಕುರಿತು ಪೊಲೀಸ್ ಠಾಣೆಯಲ್ಲಿ ದೂರು ದಾಖಲಾಗಿದ್ದು, ಆರೋಪಿಗಳ ವಿರುದ್ಧ ಪ್ರಕರಣ ದಾಖಲಿಸಿಕೊಂಡು ತನಿಖೆ ಕೈಗೊಳ್ಳಲಾಗಿದೆ. ಹಲ್ಲೆಗೆ ಒಳಗಾದ ವ್ಯಕ್ತಿ ಆಸ್ಪತ್ರೆಯಲ್ಲಿ ಚಿಕಿತ್ಸೆ ಪಡೆಯುತ್ತಿದ್ದಾರೆ. ಹಳೆಯ ದ್ವೇಷದ ಹಿನ್ನೆಲೆಯಲ್ಲಿ ಘಟನೆ ನಡೆದಿದೆ ಎನ್ನಲಾಗಿದೆ.
CHANGE OF NAME
I, GONSALVIS BSTYANVA LUVIS (old name), Holder of Passport No. R2104361, Residing at #11, Holy Cross Church, Sanbavi, Alvekodi, Shirali -581 354, Bhatkal, Karwar, Karnataka, India, have changed my name as GONSALVIS LUVIS (new name) vide Affidavit sworn before Notary Public, Khan Salim Majid, Bhatkal dated 06/08/2026. I will be known and called as GONSALVIS LUVIS.
